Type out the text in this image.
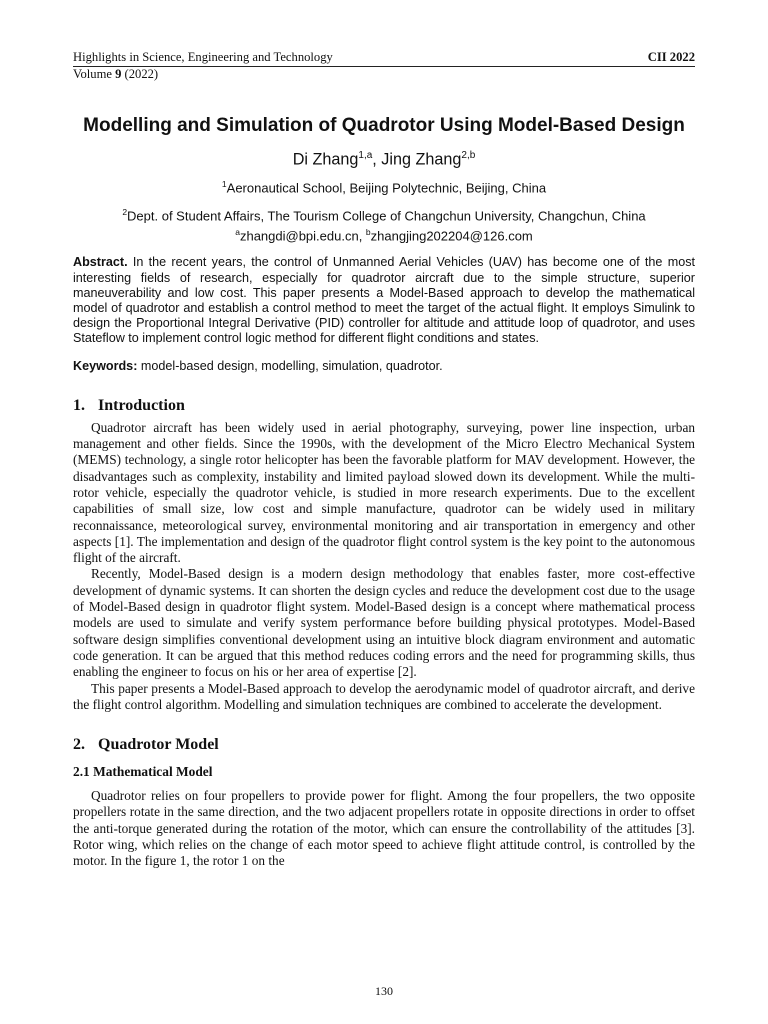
Highlights in Science, Engineering and Technology	CII 2022
Volume 9 (2022)
Modelling and Simulation of Quadrotor Using Model-Based Design
Di Zhang$^{1,a}$, Jing Zhang$^{2,b}$
$^1$Aeronautical School, Beijing Polytechnic, Beijing, China
$^2$Dept. of Student Affairs, The Tourism College of Changchun University, Changchun, China
$^a$zhangdi@bpi.edu.cn, $^b$zhangjing202204@126.com
Abstract. In the recent years, the control of Unmanned Aerial Vehicles (UAV) has become one of the most interesting fields of research, especially for quadrotor aircraft due to the simple structure, superior maneuverability and low cost. This paper presents a Model-Based approach to develop the mathematical model of quadrotor and establish a control method to meet the target of the actual flight. It employs Simulink to design the Proportional Integral Derivative (PID) controller for altitude and attitude loop of quadrotor, and uses Stateflow to implement control logic method for different flight conditions and states.
Keywords: model-based design, modelling, simulation, quadrotor.
1. Introduction

Quadrotor aircraft has been widely used in aerial photography, surveying, power line inspection, urban management and other fields. Since the 1990s, with the development of the Micro Electro Mechanical System (MEMS) technology, a single rotor helicopter has been the favorable platform for MAV development. However, the disadvantages such as complexity, instability and limited payload slowed down its development. While the multi-rotor vehicle, especially the quadrotor vehicle, is studied in more research experiments. Due to the excellent capabilities of small size, low cost and simple manufacture, quadrotor can be widely used in military reconnaissance, meteorological survey, environmental monitoring and air transportation in emergency and other aspects [1]. The implementation and design of the quadrotor flight control system is the key point to the autonomous flight of the aircraft.

Recently, Model-Based design is a modern design methodology that enables faster, more cost-effective development of dynamic systems. It can shorten the design cycles and reduce the development cost due to the usage of Model-Based design in quadrotor flight system. Model-Based design is a concept where mathematical process models are used to simulate and verify system performance before building physical prototypes. Model-Based software design simplifies conventional development using an intuitive block diagram environment and automatic code generation. It can be argued that this method reduces coding errors and the need for programming skills, thus enabling the engineer to focus on his or her area of expertise [2].

This paper presents a Model-Based approach to develop the aerodynamic model of quadrotor aircraft, and derive the flight control algorithm. Modelling and simulation techniques are combined to accelerate the development.

2. Quadrotor Model
2.1 Mathematical Model

Quadrotor relies on four propellers to provide power for flight. Among the four propellers, the two opposite propellers rotate in the same direction, and the two adjacent propellers rotate in opposite directions in order to offset the anti-torque generated during the rotation of the motor, which can ensure the controllability of the attitudes [3]. Rotor wing, which relies on the change of each motor speed to achieve flight attitude control, is controlled by the motor. In the figure 1, the rotor 1 on the

130
